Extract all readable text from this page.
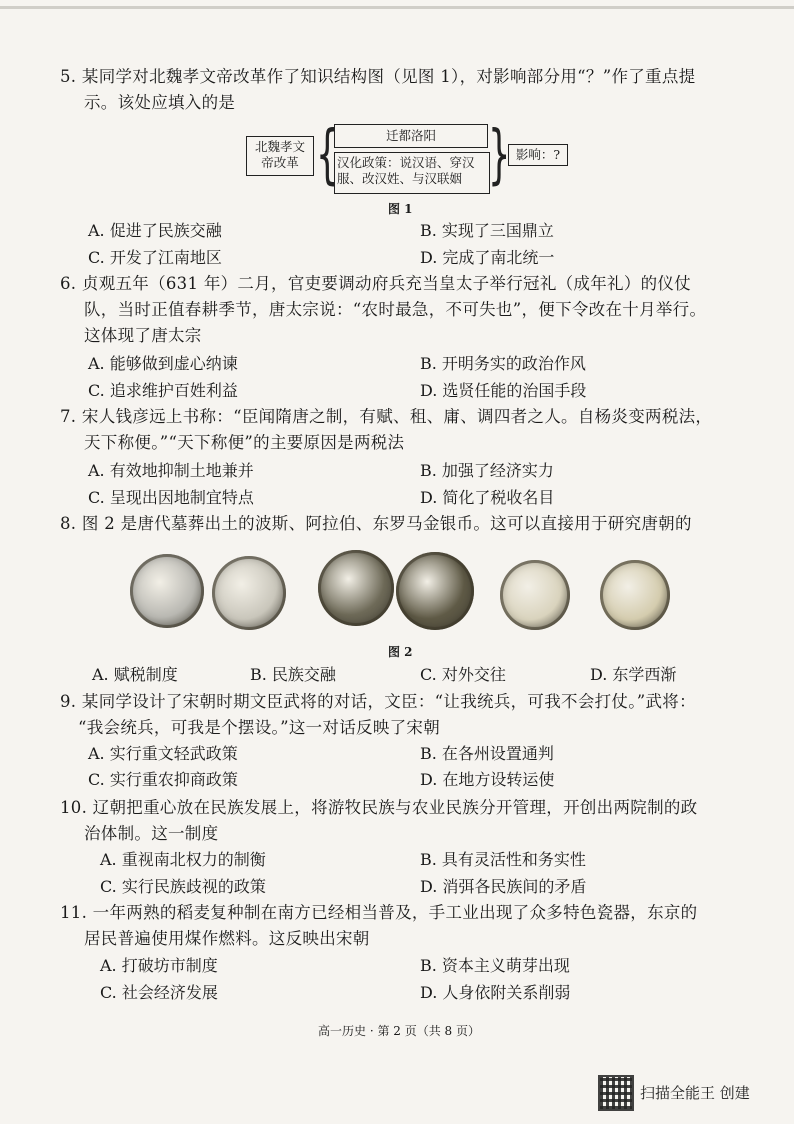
5. 某同学对北魏孝文帝改革作了知识结构图（见图 1），对影响部分用“？”作了重点提
示。该处应填入的是
北魏孝文
帝改革 {	迁都洛阳
汉化政策：说汉语、穿汉
服、改汉姓、与汉联姻 } 影响：?
图 1
A. 促进了民族交融	B. 实现了三国鼎立
C. 开发了江南地区	D. 完成了南北统一
6. 贞观五年（631 年）二月，官吏要调动府兵充当皇太子举行冠礼（成年礼）的仪仗
队，当时正值春耕季节，唐太宗说：“农时最急，不可失也”，便下令改在十月举行。
这体现了唐太宗
A. 能够做到虚心纳谏	B. 开明务实的政治作风
C. 追求维护百姓利益	D. 选贤任能的治国手段
7. 宋人钱彦远上书称：“臣闻隋唐之制，有赋、租、庸、调四者之人。自杨炎变两税法，
天下称便。”“天下称便”的主要原因是两税法
A. 有效地抑制土地兼并	B. 加强了经济实力
C. 呈现出因地制宜特点	D. 简化了税收名目
8. 图 2 是唐代墓葬出土的波斯、阿拉伯、东罗马金银币。这可以直接用于研究唐朝的
图 2
A. 赋税制度	B. 民族交融	C. 对外交往	D. 东学西渐
9. 某同学设计了宋朝时期文臣武将的对话，文臣：“让我统兵，可我不会打仗。”武将：
“我会统兵，可我是个摆设。”这一对话反映了宋朝
A. 实行重文轻武政策	B. 在各州设置通判
C. 实行重农抑商政策	D. 在地方设转运使
10. 辽朝把重心放在民族发展上，将游牧民族与农业民族分开管理，开创出两院制的政
治体制。这一制度
A. 重视南北权力的制衡	B. 具有灵活性和务实性
C. 实行民族歧视的政策	D. 消弭各民族间的矛盾
11. 一年两熟的稻麦复种制在南方已经相当普及，手工业出现了众多特色瓷器，东京的
居民普遍使用煤作燃料。这反映出宋朝
A. 打破坊市制度	B. 资本主义萌芽出现
C. 社会经济发展	D. 人身依附关系削弱
高一历史 · 第 2 页（共 8 页）
扫描全能王 创建
